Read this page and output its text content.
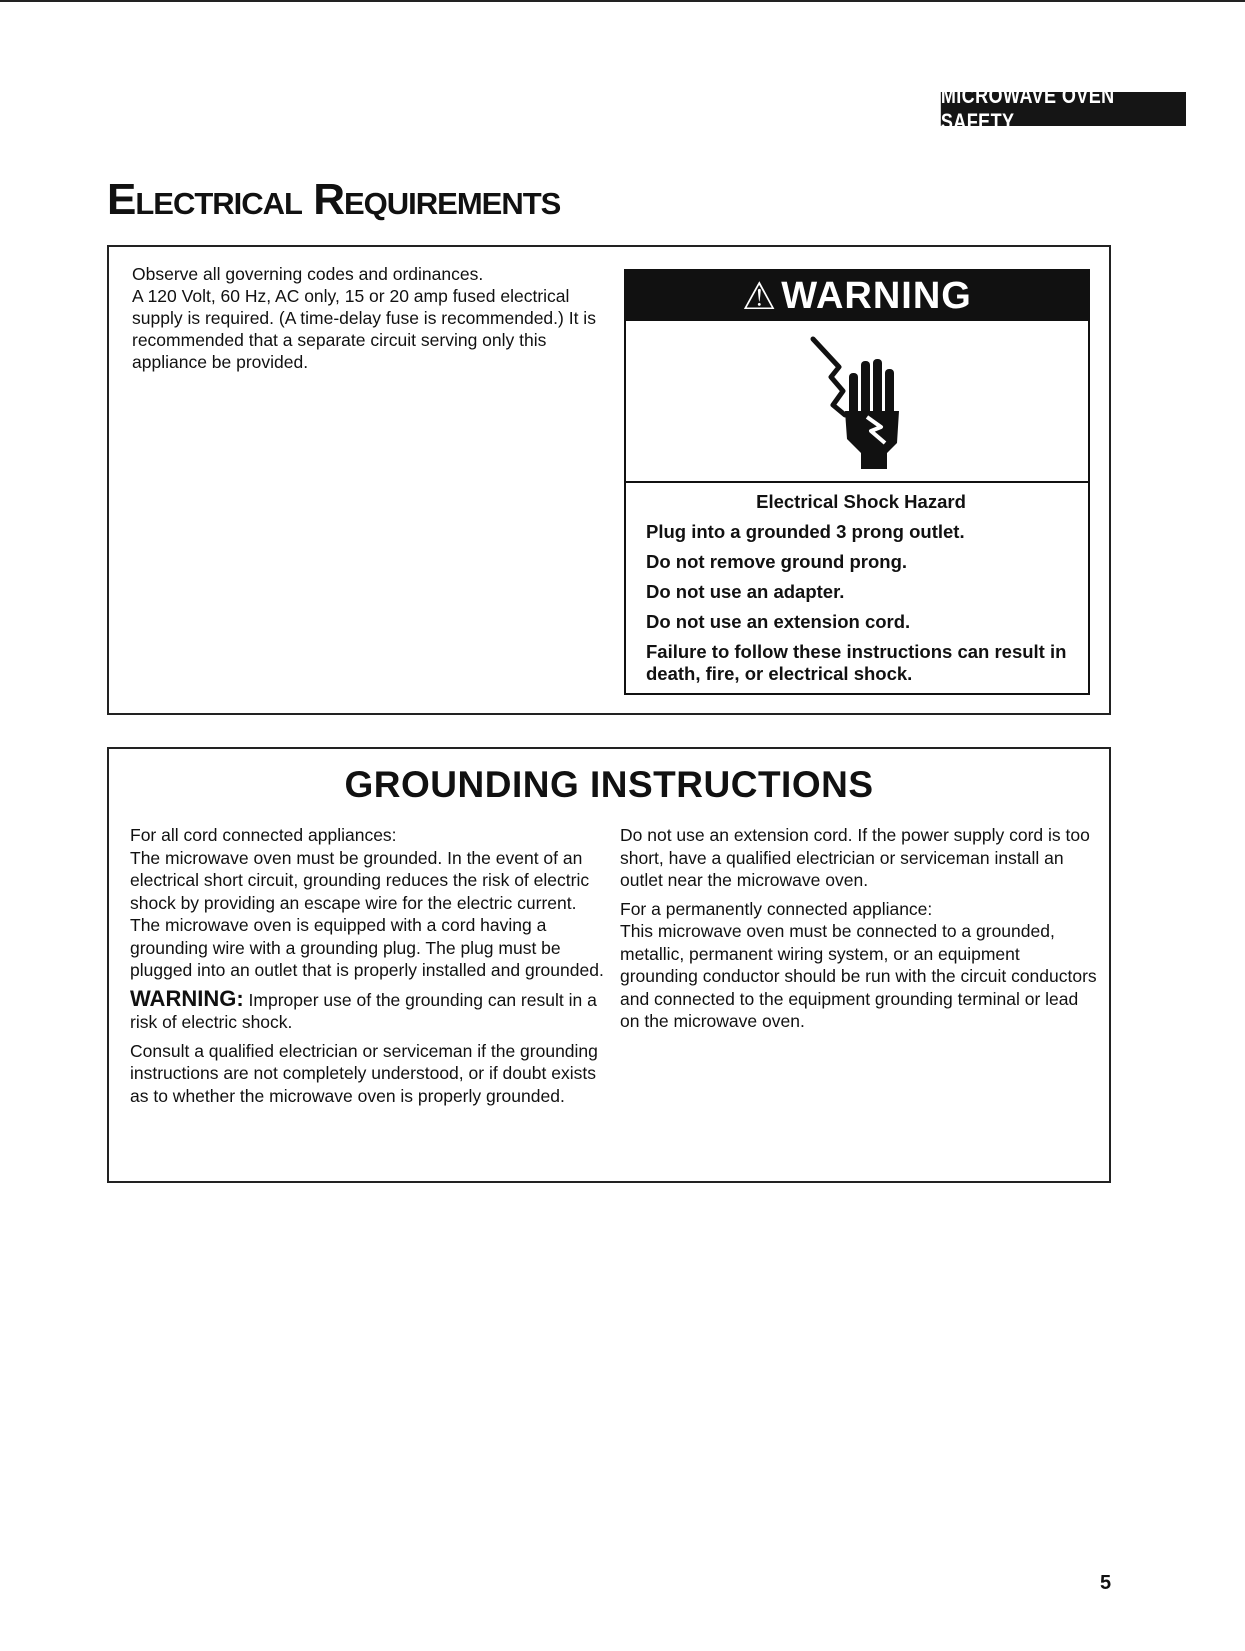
MICROWAVE OVEN SAFETY
Electrical Requirements
Observe all governing codes and ordinances.
A 120 Volt, 60 Hz, AC only, 15 or 20 amp fused electrical supply is required. (A time-delay fuse is recommended.) It is recommended that a separate circuit serving only this appliance be provided.
⚠ WARNING

Electrical Shock Hazard

Plug into a grounded 3 prong outlet.

Do not remove ground prong.

Do not use an adapter.

Do not use an extension cord.

Failure to follow these instructions can result in death, fire, or electrical shock.

GROUNDING INSTRUCTIONS

For all cord connected appliances:
The microwave oven must be grounded. In the event of an electrical short circuit, grounding reduces the risk of electric shock by providing an escape wire for the electric current. The microwave oven is equipped with a cord having a grounding wire with a grounding plug. The plug must be plugged into an outlet that is properly installed and grounded.

WARNING: Improper use of the grounding can result in a risk of electric shock.

Consult a qualified electrician or serviceman if the grounding instructions are not completely understood, or if doubt exists as to whether the microwave oven is properly grounded.

Do not use an extension cord. If the power supply cord is too short, have a qualified electrician or serviceman install an outlet near the microwave oven.

For a permanently connected appliance:
This microwave oven must be connected to a grounded, metallic, permanent wiring system, or an equipment grounding conductor should be run with the circuit conductors and connected to the equipment grounding terminal or lead on the microwave oven.

5
